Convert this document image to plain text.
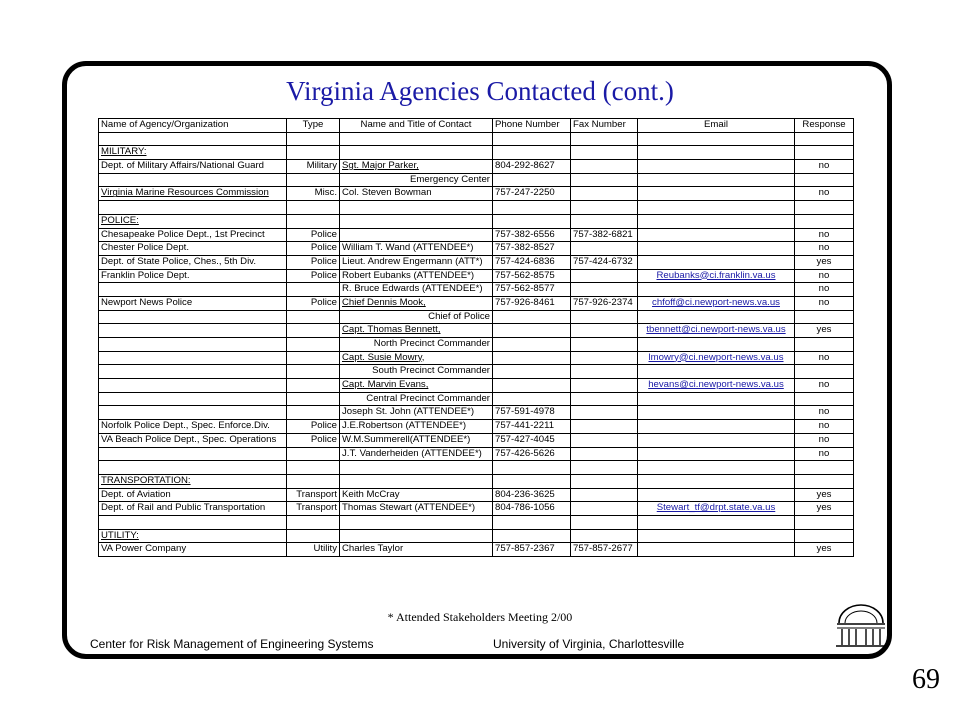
Virginia Agencies Contacted (cont.)
Name of Agency/Organization	Type	Name and Title of Contact	Phone Number	Fax Number	Email	Response

MILITARY:						
Dept. of Military Affairs/National Guard	Military	Sgt. Major Parker,	804-292-8627			no
		Emergency Center				
Virginia Marine Resources Commission	Misc.	Col. Steven Bowman	757-247-2250			no

POLICE:						
Chesapeake Police Dept., 1st Precinct	Police		757-382-6556	757-382-6821		no
Chester Police Dept.	Police	William T. Wand (ATTENDEE*)	757-382-8527			no
Dept. of State Police, Ches., 5th Div.	Police	Lieut. Andrew Engermann (ATT*)	757-424-6836	757-424-6732		yes
Franklin Police Dept.	Police	Robert Eubanks (ATTENDEE*)	757-562-8575		Reubanks@ci.franklin.va.us	no
		R. Bruce Edwards (ATTENDEE*)	757-562-8577			no
Newport News Police	Police	Chief Dennis Mook,	757-926-8461	757-926-2374	chfoff@ci.newport-news.va.us	no
		Chief of Police				
		Capt. Thomas Bennett,			tbennett@ci.newport-news.va.us	yes
		North Precinct Commander				
		Capt. Susie Mowry,			lmowry@ci.newport-news.va.us	no
		South Precinct Commander				
		Capt. Marvin Evans,			hevans@ci.newport-news.va.us	no
		Central Precinct Commander				
		Joseph St. John (ATTENDEE*)	757-591-4978			no
Norfolk Police Dept., Spec. Enforce.Div.	Police	J.E.Robertson (ATTENDEE*)	757-441-2211			no
VA Beach Police Dept., Spec. Operations	Police	W.M.Summerell(ATTENDEE*)	757-427-4045			no
		J.T. Vanderheiden (ATTENDEE*)	757-426-5626			no

TRANSPORTATION:						
Dept. of Aviation	Transport	Keith McCray	804-236-3625			yes
Dept. of Rail and Public Transportation	Transport	Thomas Stewart (ATTENDEE*)	804-786-1056		Stewart_tf@drpt.state.va.us	yes

UTILITY:						
VA Power Company	Utility	Charles Taylor	757-857-2367	757-857-2677		yes
* Attended Stakeholders Meeting 2/00
Center for Risk Management of Engineering Systems	University of Virginia, Charlottesville
69
